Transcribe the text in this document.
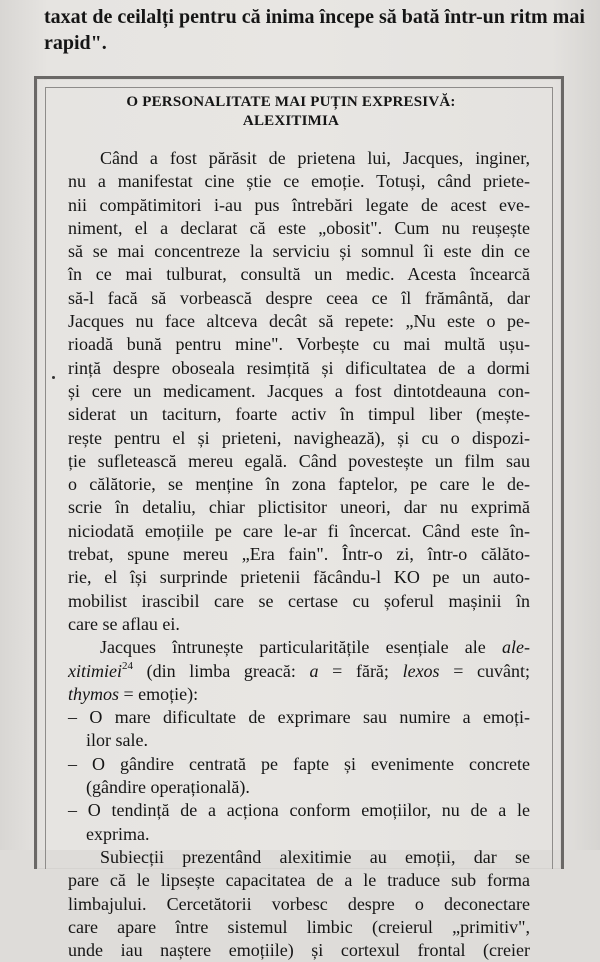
taxat de ceilalți pentru că inima începe să bată într-un ritm mai
rapid".
O PERSONALITATE MAI PUȚIN EXPRESIVĂ:
ALEXITIMIA
Când a fost părăsit de prietena lui, Jacques, inginer,
nu a manifestat cine știe ce emoție. Totuși, când priete-
nii compătimitori i-au pus întrebări legate de acest eve-
niment, el a declarat că este „obosit". Cum nu reușește
să se mai concentreze la serviciu și somnul îi este din ce
în ce mai tulburat, consultă un medic. Acesta încearcă
să-l facă să vorbească despre ceea ce îl frământă, dar
Jacques nu face altceva decât să repete: „Nu este o pe-
rioadă bună pentru mine". Vorbește cu mai multă ușu-
rință despre oboseala resimțită și dificultatea de a dormi
și cere un medicament. Jacques a fost dintotdeauna con-
siderat un taciturn, foarte activ în timpul liber (mește-
rește pentru el și prieteni, navighează), și cu o dispozi-
ție sufletească mereu egală. Când povestește un film sau
o călătorie, se menține în zona faptelor, pe care le de-
scrie în detaliu, chiar plictisitor uneori, dar nu exprimă
niciodată emoțiile pe care le-ar fi încercat. Când este în-
trebat, spune mereu „Era fain". Într-o zi, într-o călăto-
rie, el își surprinde prietenii făcându-l KO pe un auto-
mobilist irascibil care se certase cu șoferul mașinii în
care se aflau ei.
Jacques întrunește particularitățile esențiale ale ale-
xitimiei$^{24}$ (din limba greacă: a = fără; lexos = cuvânt;
thymos = emoție):
– O mare dificultate de exprimare sau numire a emoți-
ilor sale.
– O gândire centrată pe fapte și evenimente concrete
(gândire operațională).
– O tendință de a acționa conform emoțiilor, nu de a le
exprima.
Subiecții prezentând alexitimie au emoții, dar se
pare că le lipsește capacitatea de a le traduce sub forma
limbajului. Cercetătorii vorbesc despre o deconectare
care apare între sistemul limbic (creierul „primitiv",
unde iau naștere emoțiile) și cortexul frontal (creier
